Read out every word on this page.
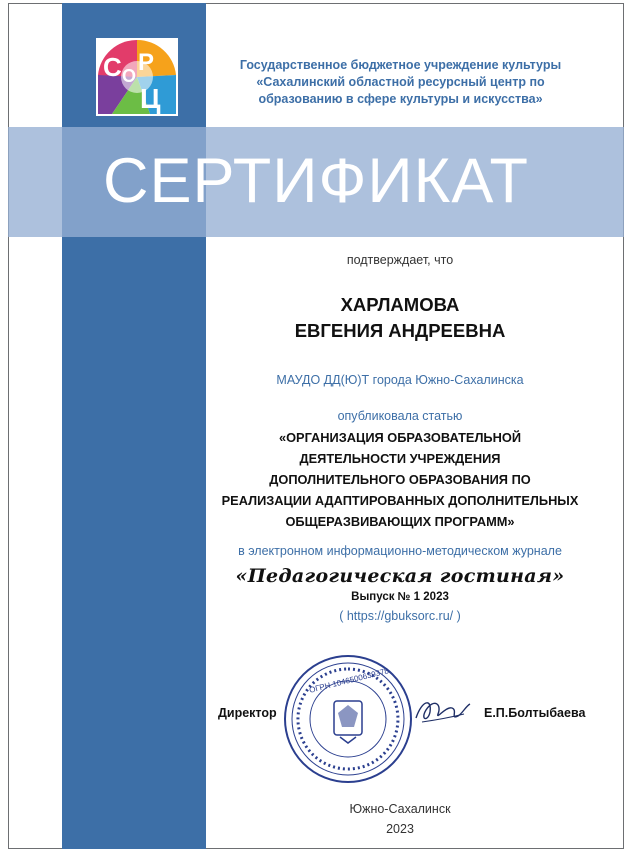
С О Р
Ц
Государственное бюджетное учреждение культуры
«Сахалинский областной ресурсный центр по
образованию в сфере культуры и искусства»
СЕРТИФИКАТ
подтверждает, что
ХАРЛАМОВА
ЕВГЕНИЯ АНДРЕЕВНА
МАУДО ДД(Ю)Т города Южно-Сахалинска
опубликовала статью
«ОРГАНИЗАЦИЯ ОБРАЗОВАТЕЛЬНОЙ
ДЕЯТЕЛЬНОСТИ УЧРЕЖДЕНИЯ
ДОПОЛНИТЕЛЬНОГО ОБРАЗОВАНИЯ ПО
РЕАЛИЗАЦИИ АДАПТИРОВАННЫХ ДОПОЛНИТЕЛЬНЫХ
ОБЩЕРАЗВИВАЮЩИХ ПРОГРАММ»
в электронном информационно-методическом журнале
«Педагогическая гостиная»
Выпуск № 1 2023
( https://gbuksorc.ru/ )
ОГРН 1046500639378
Директор	Е.П.Болтыбаева
Южно-Сахалинск
2023
